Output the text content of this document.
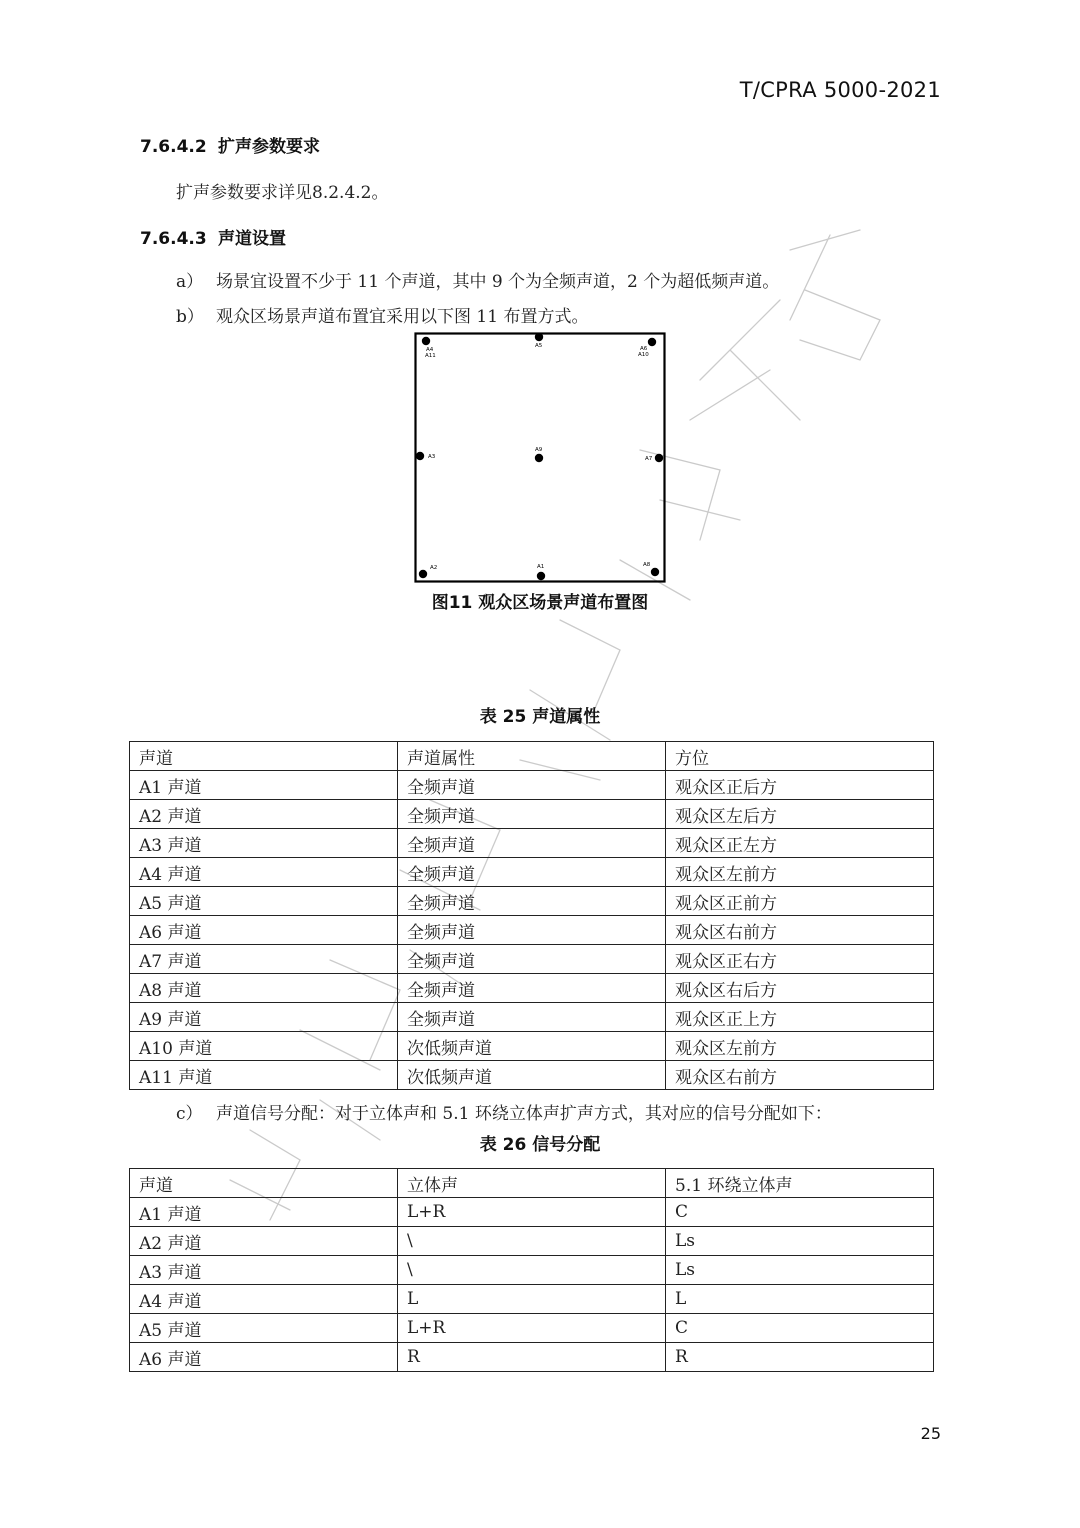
T/CPRA 5000-2021
7.6.4.2 扩声参数要求
扩声参数要求详见8.2.4.2。
7.6.4.3 声道设置
a） 场景宜设置不少于 11 个声道，其中 9 个为全频声道，2 个为超低频声道。
b） 观众区场景声道布置宜采用以下图 11 布置方式。
A4
A11
A5	A6
A10
A3
A9
A7
A2	A1	A8
图11 观众区场景声道布置图
表 25 声道属性
声道	声道属性	方位
A1 声道	全频声道	观众区正后方
A2 声道	全频声道	观众区左后方
A3 声道	全频声道	观众区正左方
A4 声道	全频声道	观众区左前方
A5 声道	全频声道	观众区正前方
A6 声道	全频声道	观众区右前方
A7 声道	全频声道	观众区正右方
A8 声道	全频声道	观众区右后方
A9 声道	全频声道	观众区正上方
A10 声道	次低频声道	观众区左前方
A11 声道	次低频声道	观众区右前方
c） 声道信号分配：对于立体声和 5.1 环绕立体声扩声方式，其对应的信号分配如下：
表 26 信号分配
声道	立体声	5.1 环绕立体声
A1 声道	L+R	C
A2 声道	\	Ls
A3 声道	\	Ls
A4 声道	L	L
A5 声道	L+R	C
A6 声道	R	R
25
